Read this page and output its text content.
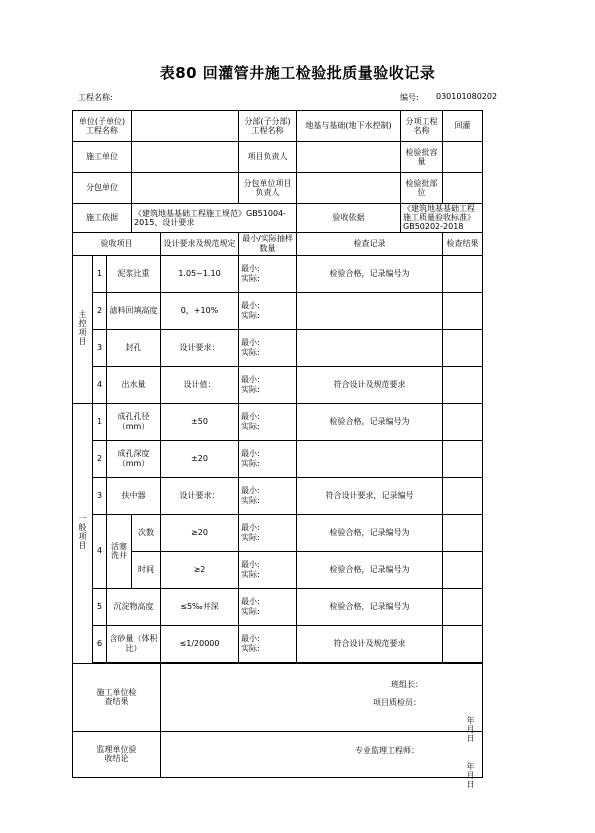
表80 回灌管井施工检验批质量验收记录
工程名称:	编号: 030101080202
单位(子单位)工程名称					分部(子分部)工程名称	地基与基础(地下水控制)	分项工程名称	回灌
施工单位					项目负责人		检验批容量	
分包单位					分包单位项目负责人		检验批部位	
施工依据			《建筑地基基础工程施工规范》GB51004-2015、设计要求			验收依据	《建筑地基基础工程施工质量验收标准》GB50202-2018	
验收项目				设计要求及规范规定	最小/实际抽样数量	检查记录		检查结果
主控项目	1	泥浆比重		1.05~1.10	最小:
实际:	检验合格，记录编号为		
	2	滤料回填高度		0，+10%	最小:
实际:			

	3	封孔		设计要求：	最小:
实际:			

	4	出水量		设计值：	最小:
实际:	符合设计及规范要求		
一般项目	1	成孔孔径（mm）		±50	最小:
实际:	检验合格，记录编号为		
	2	成孔深度（mm）		±20	最小:
实际:			

	3	扶中器		设计要求：	最小:
实际:	符合设计要求，记录编号		
	4	活塞洗井	次数	≥20	最小:
实际:	检验合格，记录编号为		
			时间	≥2	最小:
实际:	检验合格，记录编号为		
	5	沉淀物高度		≤5‰井深	最小:
实际:	检验合格，记录编号为		
	6	含砂量（体积比）		≤1/20000	最小:
实际:	符合设计及规范要求		

施工单位检查结果				班组长：
项目质检员：
年　月　日				

监理单位验收结论				专业监理工程师：
年　月　日				
